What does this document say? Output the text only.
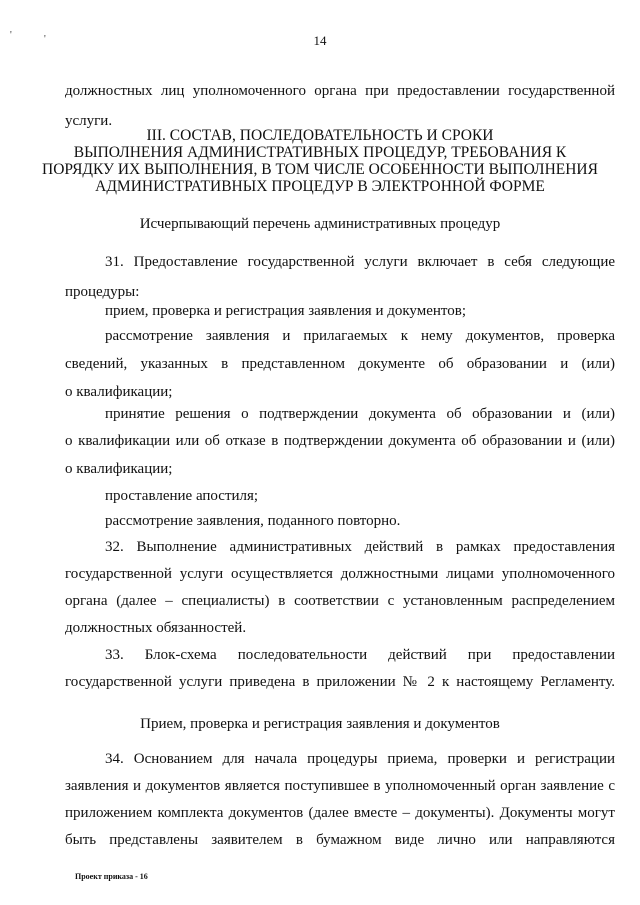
'	'	14
должностных лиц уполномоченного органа при предоставлении государственной
услуги.
III. СОСТАВ, ПОСЛЕДОВАТЕЛЬНОСТЬ И СРОКИ
ВЫПОЛНЕНИЯ АДМИНИСТРАТИВНЫХ ПРОЦЕДУР, ТРЕБОВАНИЯ К
ПОРЯДКУ ИХ ВЫПОЛНЕНИЯ, В ТОМ ЧИСЛЕ ОСОБЕННОСТИ ВЫПОЛНЕНИЯ
АДМИНИСТРАТИВНЫХ ПРОЦЕДУР В ЭЛЕКТРОННОЙ ФОРМЕ
Исчерпывающий перечень административных процедур
31. Предоставление государственной услуги включает в себя следующие
процедуры:
прием, проверка и регистрация заявления и документов;
рассмотрение заявления и прилагаемых к нему документов, проверка
сведений, указанных в представленном документе об образовании и (или)
о квалификации;
принятие решения о подтверждении документа об образовании и (или)
о квалификации или об отказе в подтверждении документа об образовании и (или)
о квалификации;
проставление апостиля;
рассмотрение заявления, поданного повторно.
32. Выполнение административных действий в рамках предоставления
государственной услуги осуществляется должностными лицами уполномоченного
органа (далее – специалисты) в соответствии с установленным распределением
должностных обязанностей.
33. Блок-схема последовательности действий при предоставлении
государственной услуги приведена в приложении № 2 к настоящему Регламенту.
Прием, проверка и регистрация заявления и документов
34. Основанием для начала процедуры приема, проверки и регистрации
заявления и документов является поступившее в уполномоченный орган заявление с
приложением комплекта документов (далее вместе – документы). Документы могут
быть представлены заявителем в бумажном виде лично или направляются
Проект приказа - 16
